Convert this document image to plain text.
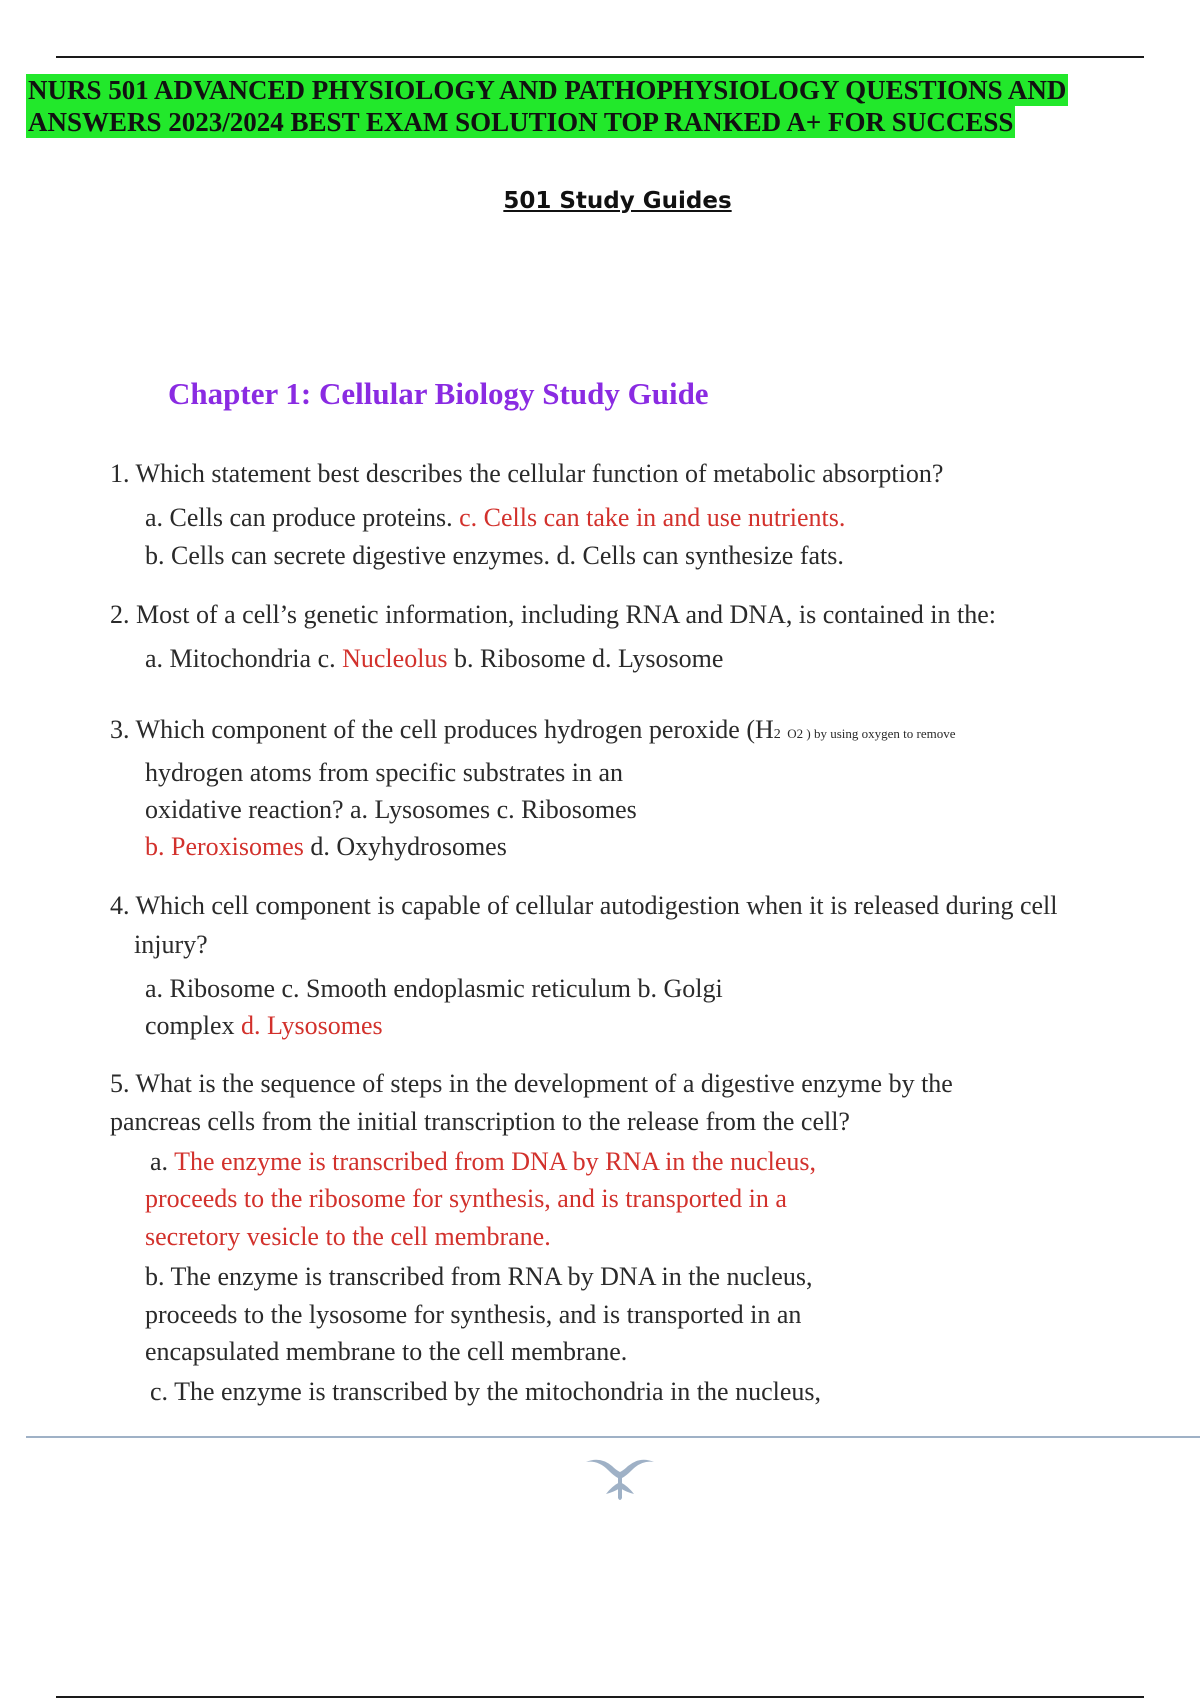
NURS 501 ADVANCED PHYSIOLOGY AND PATHOPHYSIOLOGY QUESTIONS AND
ANSWERS 2023/2024 BEST EXAM SOLUTION TOP RANKED A+ FOR SUCCESS
501 Study Guides
Chapter 1: Cellular Biology Study Guide
1. Which statement best describes the cellular function of metabolic absorption?
a. Cells can produce proteins. c. Cells can take in and use nutrients.
b. Cells can secrete digestive enzymes. d. Cells can synthesize fats.
2. Most of a cell’s genetic information, including RNA and DNA, is contained in the:
a. Mitochondria c. Nucleolus b. Ribosome d. Lysosome
3. Which component of the cell produces hydrogen peroxide (H2 O2 ) by using oxygen to remove
hydrogen atoms from specific substrates in an
oxidative reaction? a. Lysosomes c. Ribosomes
b. Peroxisomes d. Oxyhydrosomes
4. Which cell component is capable of cellular autodigestion when it is released during cell
injury?
a. Ribosome c. Smooth endoplasmic reticulum b. Golgi
complex d. Lysosomes
5. What is the sequence of steps in the development of a digestive enzyme by the
pancreas cells from the initial transcription to the release from the cell?
a. The enzyme is transcribed from DNA by RNA in the nucleus,
proceeds to the ribosome for synthesis, and is transported in a
secretory vesicle to the cell membrane.
b. The enzyme is transcribed from RNA by DNA in the nucleus,
proceeds to the lysosome for synthesis, and is transported in an
encapsulated membrane to the cell membrane.
c. The enzyme is transcribed by the mitochondria in the nucleus,
